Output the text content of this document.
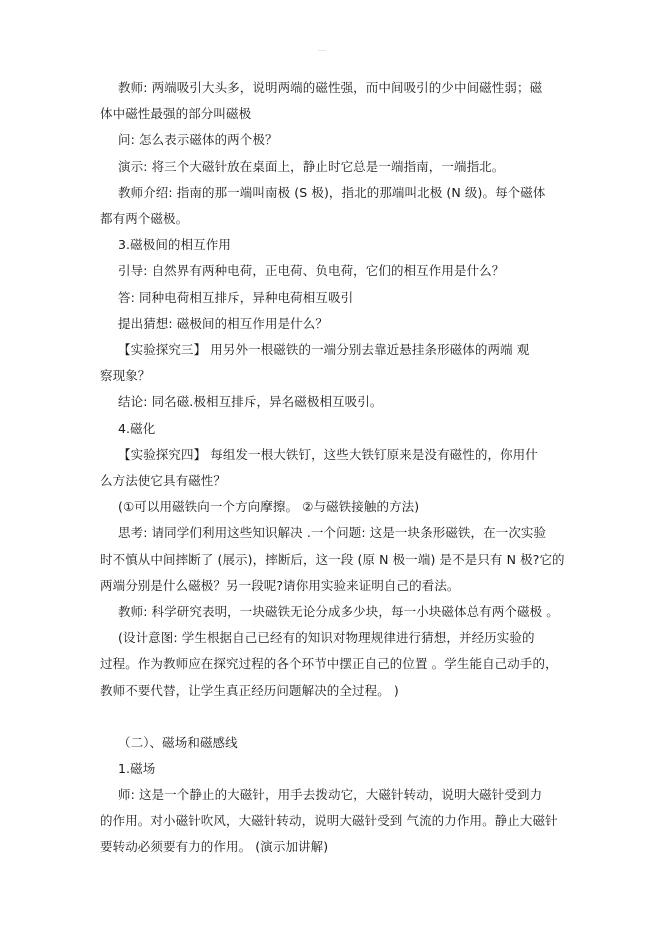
教师: 两端吸引大头多，说明两端的磁性强，而中间吸引的少中间磁性弱；磁
体中磁性最强的部分叫磁极
问: 怎么表示磁体的两个极？
演示: 将三个大磁针放在桌面上，静止时它总是一端指南，一端指北。
教师介绍: 指南的那一端叫南极 (S 极)，指北的那端叫北极 (N 级)。每个磁体
都有两个磁极。
3.磁极间的相互作用
引导: 自然界有两种电荷，正电荷、负电荷，它们的相互作用是什么？
答: 同种电荷相互排斥，异种电荷相互吸引
提出猜想: 磁极间的相互作用是什么？
【实验探究三】 用另外一根磁铁的一端分别去靠近悬挂条形磁体的两端 观
察现象？
结论: 同名磁.极相互排斥，异名磁极相互吸引。
4.磁化
【实验探究四】 每组发一根大铁钉，这些大铁钉原来是没有磁性的，你用什
么方法使它具有磁性？
(①可以用磁铁向一个方向摩擦。 ②与磁铁接触的方法)
思考: 请同学们利用这些知识解决 .一个问题: 这是一块条形磁铁，在一次实验
时不慎从中间摔断了 (展示)，摔断后，这一段 (原 N 极一端) 是不是只有 N 极?它的
两端分别是什么磁极？另一段呢?请你用实验来证明自己的看法。
教师: 科学研究表明，一块磁铁无论分成多少块，每一小块磁体总有两个磁极 。
(设计意图: 学生根据自己已经有的知识对物理规律进行猜想，并经历实验的
过程。作为教师应在探究过程的各个环节中摆正自己的位置 。学生能自己动手的，
教师不要代替，让学生真正经历问题解决的全过程。 )
（二）、磁场和磁感线
1.磁场
师: 这是一个静止的大磁针，用手去拨动它，大磁针转动，说明大磁针受到力
的作用。对小磁针吹风，大磁针转动，说明大磁针受到 气流的力作用。静止大磁针
要转动必须要有力的作用。 (演示加讲解)
